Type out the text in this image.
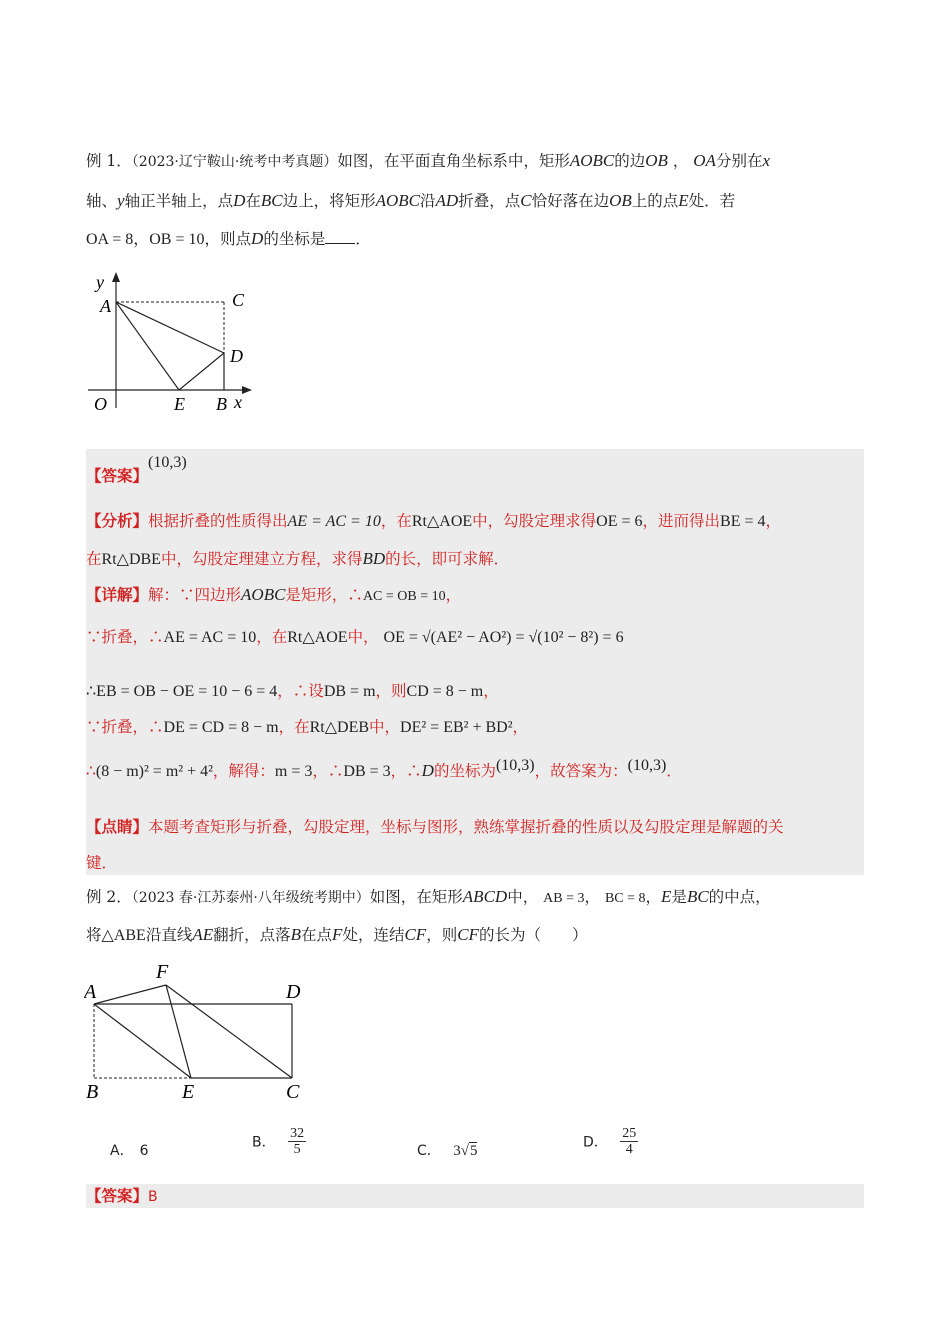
例 1．（2023·辽宁鞍山·统考中考真题）如图，在平面直角坐标系中，矩形AOBC的边OB ， OA分别在x
轴、y轴正半轴上，点D在BC边上，将矩形AOBC沿AD折叠，点C恰好落在边OB上的点E处．若
OA = 8，OB = 10，则点D的坐标是 ．
y
A	C
D
O	E B x
【答案】(10,3)
【分析】根据折叠的性质得出AE = AC = 10，在Rt△AOE中，勾股定理求得OE = 6，进而得出BE = 4，
在Rt△DBE中，勾股定理建立方程，求得BD的长，即可求解．
【详解】解：∵四边形AOBC是矩形，∴AC = OB = 10，
∵折叠，∴AE = AC = 10，在Rt△AOE中， OE = √(AE² − AO²) = √(10² − 8²) = 6
∴EB = OB − OE = 10 − 6 = 4，∴设DB = m，则CD = 8 − m，
∵折叠，∴DE = CD = 8 − m，在Rt△DEB中，DE² = EB² + BD²，
∴(8 − m)² = m² + 4²，解得：m = 3，∴DB = 3，∴D的坐标为(10,3)，故答案为：(10,3)．
【点睛】本题考查矩形与折叠，勾股定理，坐标与图形，熟练掌握折叠的性质以及勾股定理是解题的关
键．
例 2．（2023 春·江苏泰州·八年级统考期中）如图，在矩形ABCD中， AB = 3， BC = 8，E是BC的中点，
将△ABE沿直线AE翻折，点落B在点F处，连结CF，则CF的长为（　　）
A
F
D
B	E	C
A． 6
B． $\frac{32}{5}$	C． 3√5
D． $\frac{25}{4}$
【答案】B
